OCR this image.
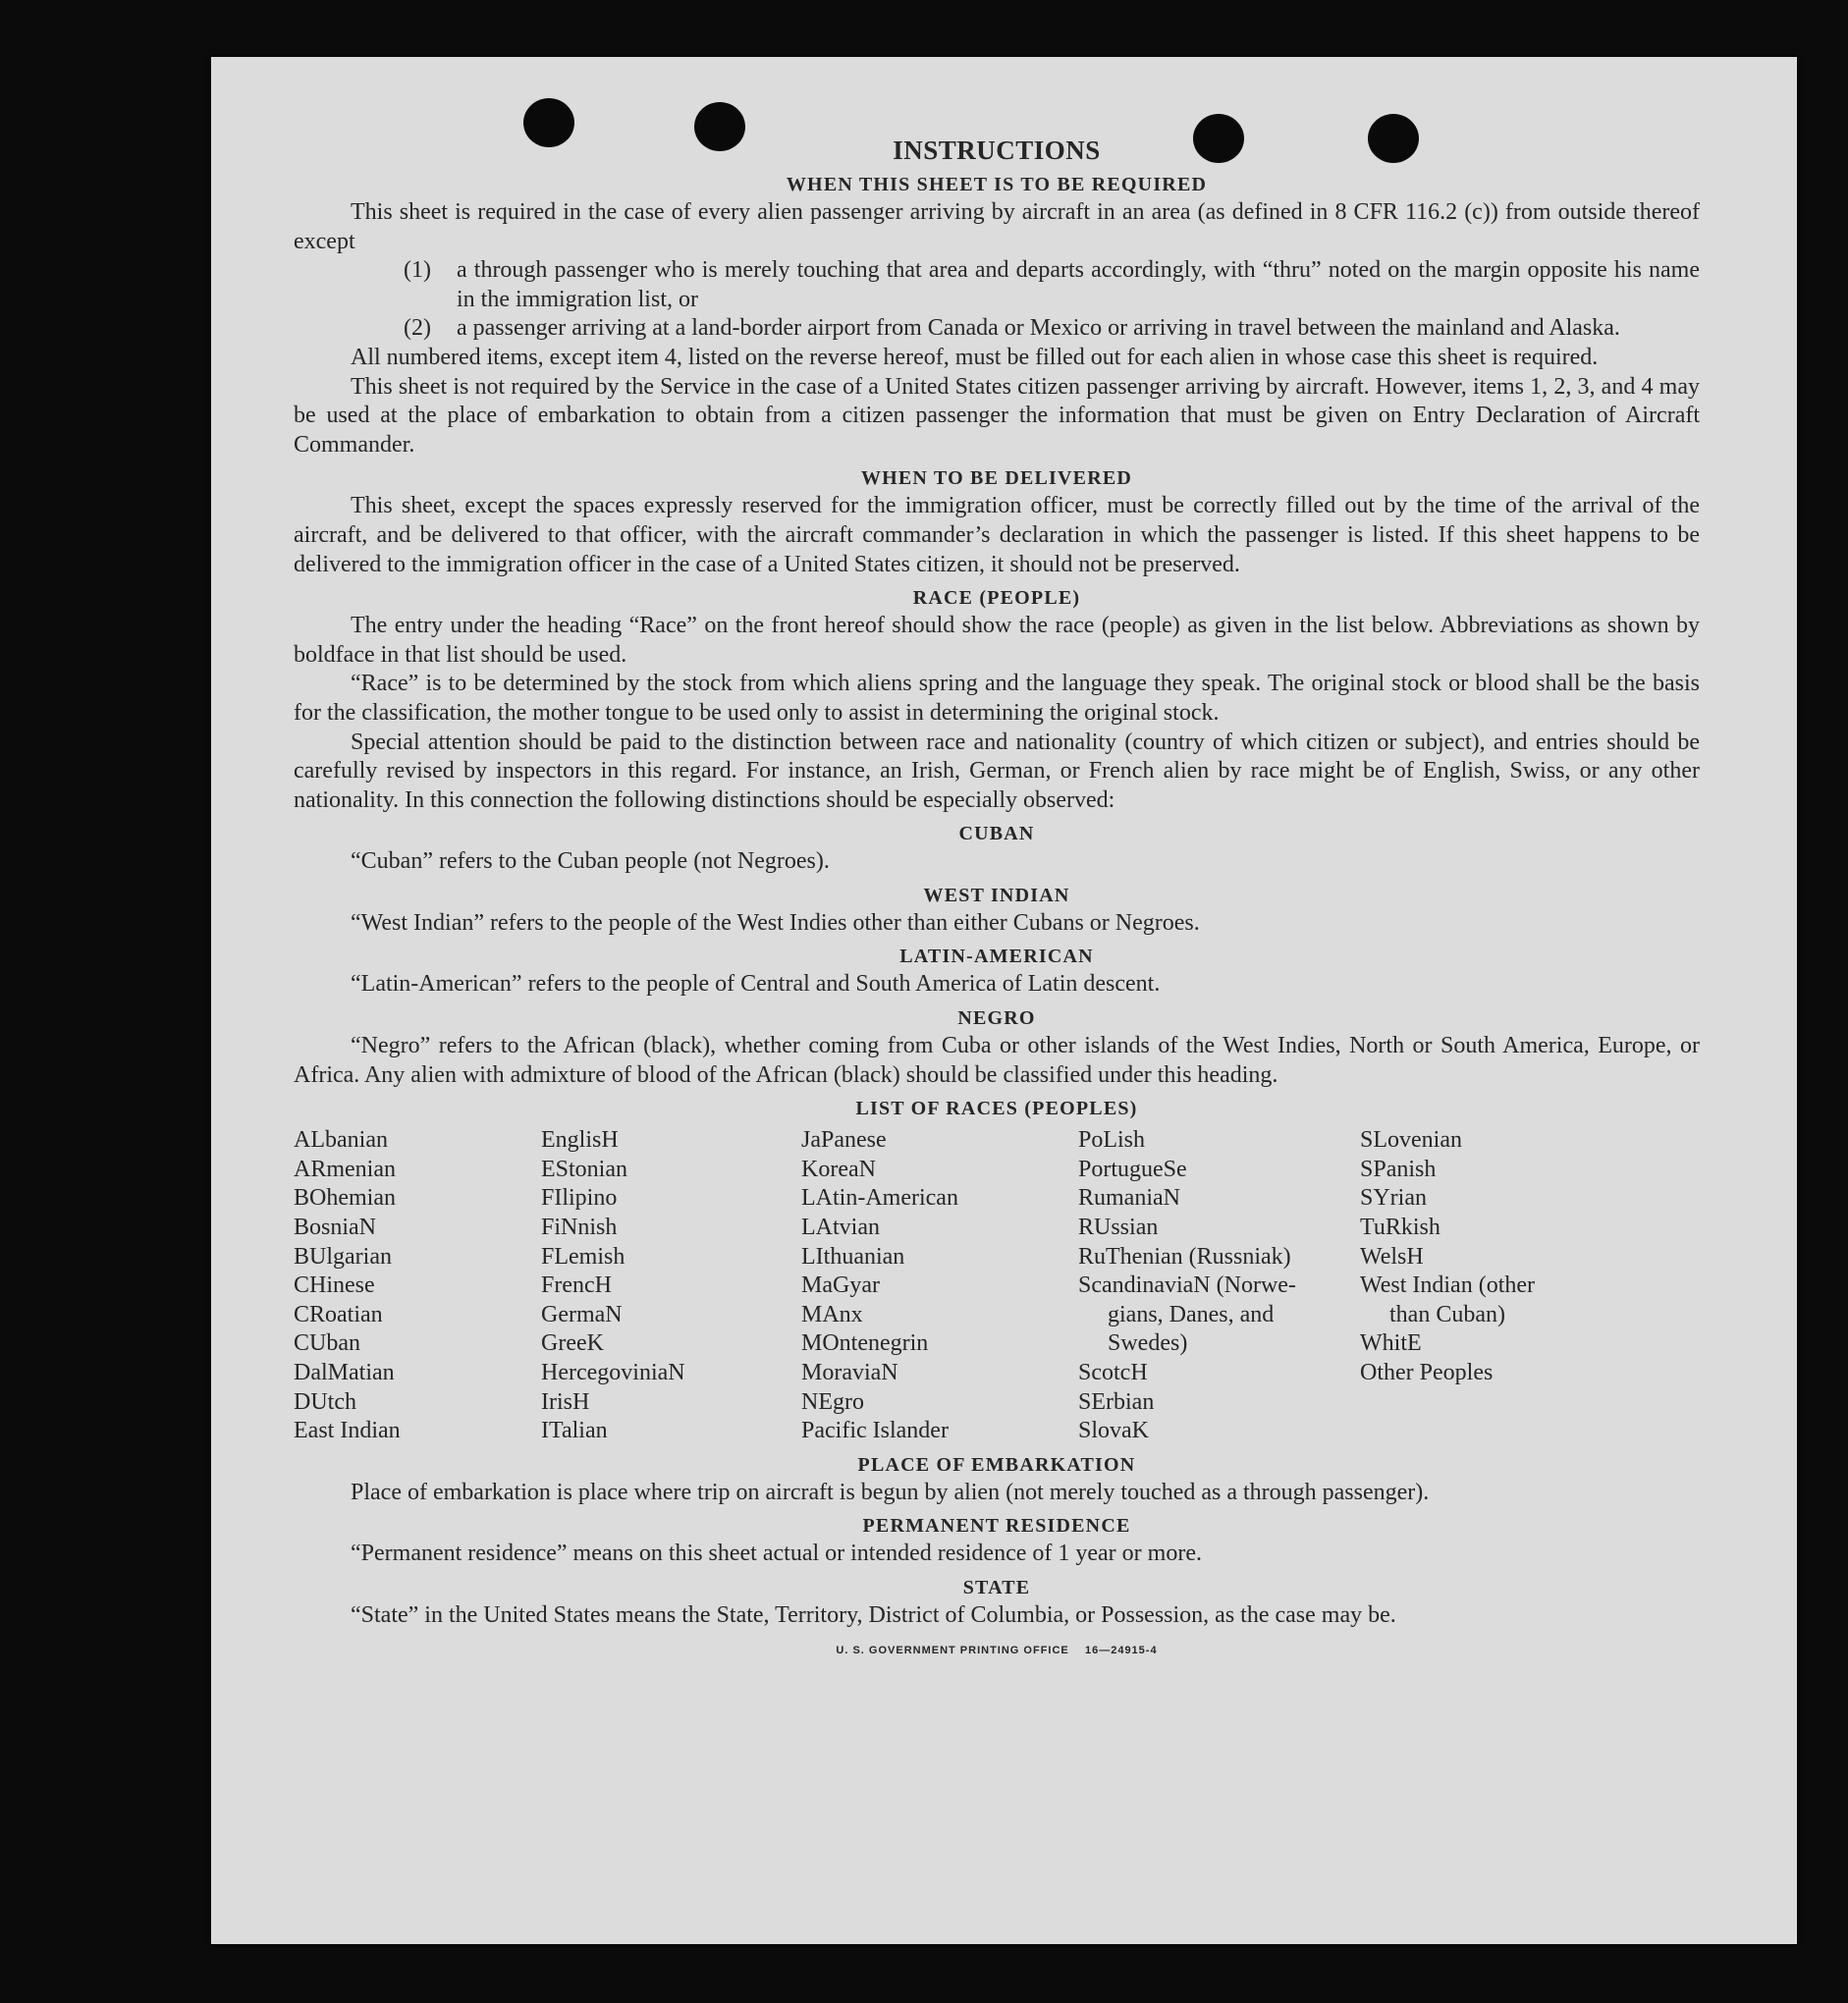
INSTRUCTIONS
WHEN THIS SHEET IS TO BE REQUIRED

This sheet is required in the case of every alien passenger arriving by aircraft in an area (as defined in 8 CFR 116.2 (c)) from outside thereof except

(1)	a through passenger who is merely touching that area and departs accordingly, with “thru” noted on the margin opposite his name in the immigration list, or
(2)	a passenger arriving at a land-border airport from Canada or Mexico or arriving in travel between the mainland and Alaska.

All numbered items, except item 4, listed on the reverse hereof, must be filled out for each alien in whose case this sheet is required.

This sheet is not required by the Service in the case of a United States citizen passenger arriving by aircraft. However, items 1, 2, 3, and 4 may be used at the place of embarkation to obtain from a citizen passenger the information that must be given on Entry Declaration of Aircraft Commander.

WHEN TO BE DELIVERED

This sheet, except the spaces expressly reserved for the immigration officer, must be correctly filled out by the time of the arrival of the aircraft, and be delivered to that officer, with the aircraft commander’s declaration in which the passenger is listed. If this sheet happens to be delivered to the immigration officer in the case of a United States citizen, it should not be preserved.

RACE (PEOPLE)

The entry under the heading “Race” on the front hereof should show the race (people) as given in the list below. Abbreviations as shown by boldface in that list should be used.

“Race” is to be determined by the stock from which aliens spring and the language they speak. The original stock or blood shall be the basis for the classification, the mother tongue to be used only to assist in determining the original stock.

Special attention should be paid to the distinction between race and nationality (country of which citizen or subject), and entries should be carefully revised by inspectors in this regard. For instance, an Irish, German, or French alien by race might be of English, Swiss, or any other nationality. In this connection the following distinctions should be especially observed:

CUBAN

“Cuban” refers to the Cuban people (not Negroes).

WEST INDIAN

“West Indian” refers to the people of the West Indies other than either Cubans or Negroes.

LATIN-AMERICAN

“Latin-American” refers to the people of Central and South America of Latin descent.

NEGRO

“Negro” refers to the African (black), whether coming from Cuba or other islands of the West Indies, North or South America, Europe, or Africa. Any alien with admixture of blood of the African (black) should be classified under this heading.

LIST OF RACES (PEOPLES)
ALbanian
ARmenian
BOhemian
BosniaN
BUlgarian
CHinese
CRoatian
CUban
DalMatian
DUtch
East Indian
EnglisH
EStonian
FIlipino
FiNnish
FLemish
FrencH
GermaN
GreeK
HercegoviniaN
IrisH
ITalian
JaPanese
KoreaN
LAtin-American
LAtvian
LIthuanian
MaGyar
MAnx
MOntenegrin
MoraviaN
NEgro
Pacific Islander
PoLish
PortugueSe
RumaniaN
RUssian
RuThenian (Russniak)
ScandinaviaN (Norwe-
gians, Danes, and
Swedes)
ScotcH
SErbian
SlovaK
SLovenian
SPanish
SYrian
TuRkish
WelsH
West Indian (other
than Cuban)
WhitE
Other Peoples
PLACE OF EMBARKATION

Place of embarkation is place where trip on aircraft is begun by alien (not merely touched as a through passenger).

PERMANENT RESIDENCE

“Permanent residence” means on this sheet actual or intended residence of 1 year or more.

STATE

“State” in the United States means the State, Territory, District of Columbia, or Possession, as the case may be.

U. S. GOVERNMENT PRINTING OFFICE    16—24915-4
